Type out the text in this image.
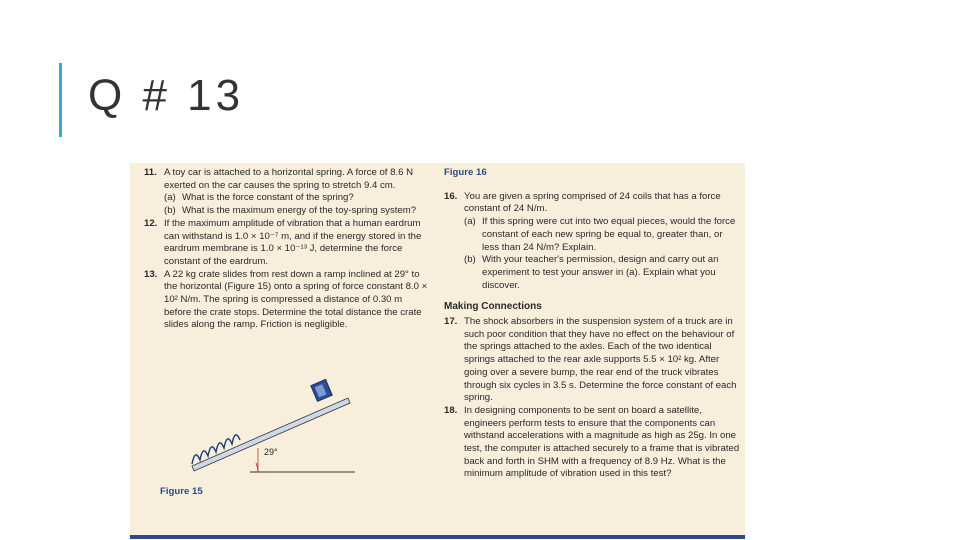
Q # 13
11. A toy car is attached to a horizontal spring. A force of 8.6 N exerted on the car causes the spring to stretch 9.4 cm.
(a) What is the force constant of the spring?
(b) What is the maximum energy of the toy-spring system?
12. If the maximum amplitude of vibration that a human eardrum can withstand is 1.0 × 10⁻⁷ m, and if the energy stored in the eardrum membrane is 1.0 × 10⁻¹³ J, determine the force constant of the eardrum.
13. A 22 kg crate slides from rest down a ramp inclined at 29° to the horizontal (Figure 15) onto a spring of force constant 8.0 × 10² N/m. The spring is compressed a distance of 0.30 m before the crate stops. Determine the total distance the crate slides along the ramp. Friction is negligible.
29°
Figure 15
Figure 16
16. You are given a spring comprised of 24 coils that has a force constant of 24 N/m.
(a) If this spring were cut into two equal pieces, would the force constant of each new spring be equal to, greater than, or less than 24 N/m? Explain.
(b) With your teacher's permission, design and carry out an experiment to test your answer in (a). Explain what you discover.
Making Connections
17. The shock absorbers in the suspension system of a truck are in such poor condition that they have no effect on the behaviour of the springs attached to the axles. Each of the two identical springs attached to the rear axle supports 5.5 × 10² kg. After going over a severe bump, the rear end of the truck vibrates through six cycles in 3.5 s. Determine the force constant of each spring.
18. In designing components to be sent on board a satellite, engineers perform tests to ensure that the components can withstand accelerations with a magnitude as high as 25g. In one test, the computer is attached securely to a frame that is vibrated back and forth in SHM with a frequency of 8.9 Hz. What is the minimum amplitude of vibration used in this test?
